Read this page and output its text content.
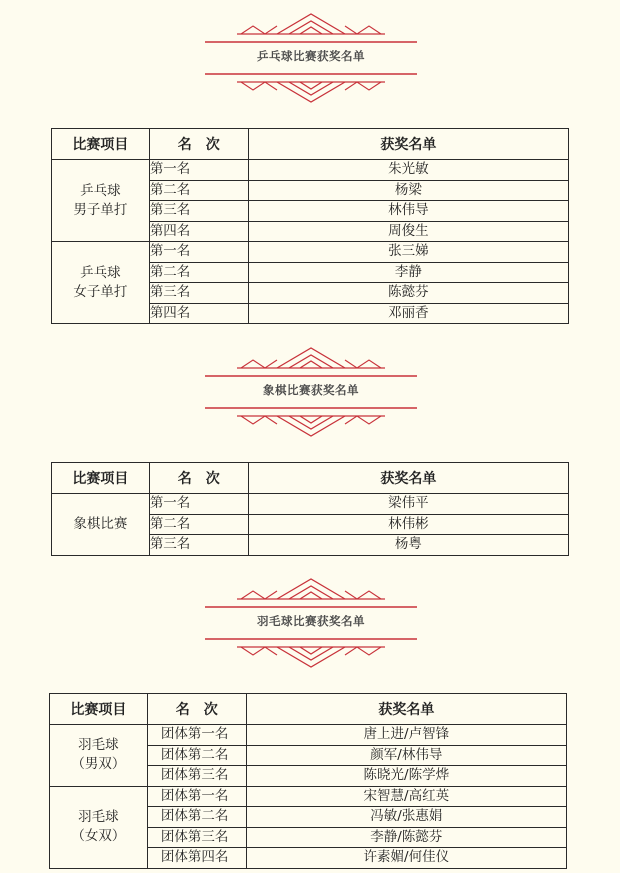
乒乓球比赛获奖名单
比赛项目	名　次	获奖名单

乒乓球
男子单打	第一名	朱光敏
	第二名	杨梁
	第三名	林伟导
	第四名	周俊生

乒乓球
女子单打	第一名	张三娣
	第二名	李静
	第三名	陈懿芬
	第四名	邓丽香
象棋比赛获奖名单
比赛项目	名　次	获奖名单

象棋比赛	第一名	梁伟平
	第二名	林伟彬
	第三名	杨粤
羽毛球比赛获奖名单
比赛项目	名　次	获奖名单

羽毛球
（男双）	团体第一名	唐上进/卢智锋
	团体第二名	颜军/林伟导
	团体第三名	陈晓光/陈学烨

羽毛球
（女双）	团体第一名	宋智慧/高红英
	团体第二名	冯敏/张惠娟
	团体第三名	李静/陈懿芬
	团体第四名	许素媚/何佳仪
